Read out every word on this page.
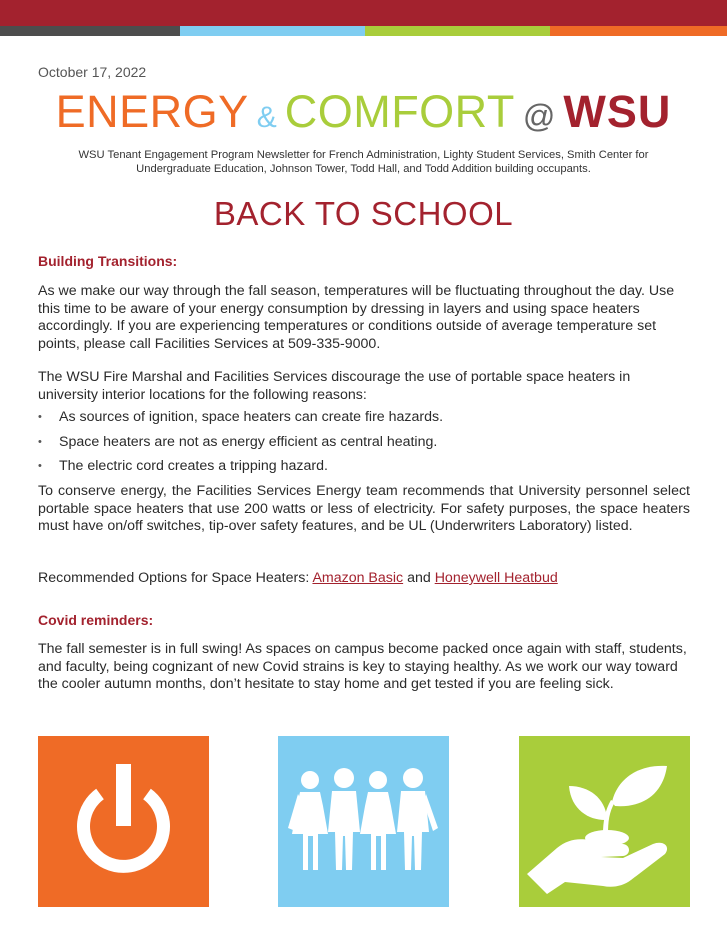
October 17, 2022
ENERGY & COMFORT @ WSU
WSU Tenant Engagement Program Newsletter for French Administration, Lighty Student Services, Smith Center for Undergraduate Education, Johnson Tower, Todd Hall, and Todd Addition building occupants.
BACK TO SCHOOL
Building Transitions:
As we make our way through the fall season, temperatures will be fluctuating throughout the day. Use this time to be aware of your energy consumption by dressing in layers and using space heaters accordingly. If you are experiencing temperatures or conditions outside of average temperature set points, please call Facilities Services at 509-335-9000.
The WSU Fire Marshal and Facilities Services discourage the use of portable space heaters in university interior locations for the following reasons:
• As sources of ignition, space heaters can create fire hazards.
• Space heaters are not as energy efficient as central heating.
• The electric cord creates a tripping hazard.
To conserve energy, the Facilities Services Energy team recommends that University personnel select portable space heaters that use 200 watts or less of electricity. For safety purposes, the space heaters must have on/off switches, tip-over safety features, and be UL (Underwriters Laboratory) listed.
Recommended Options for Space Heaters: Amazon Basic and Honeywell Heatbud
Covid reminders:
The fall semester is in full swing! As spaces on campus become packed once again with staff, students, and faculty, being cognizant of new Covid strains is key to staying healthy. As we work our way toward the cooler autumn months, don’t hesitate to stay home and get tested if you are feeling sick.
